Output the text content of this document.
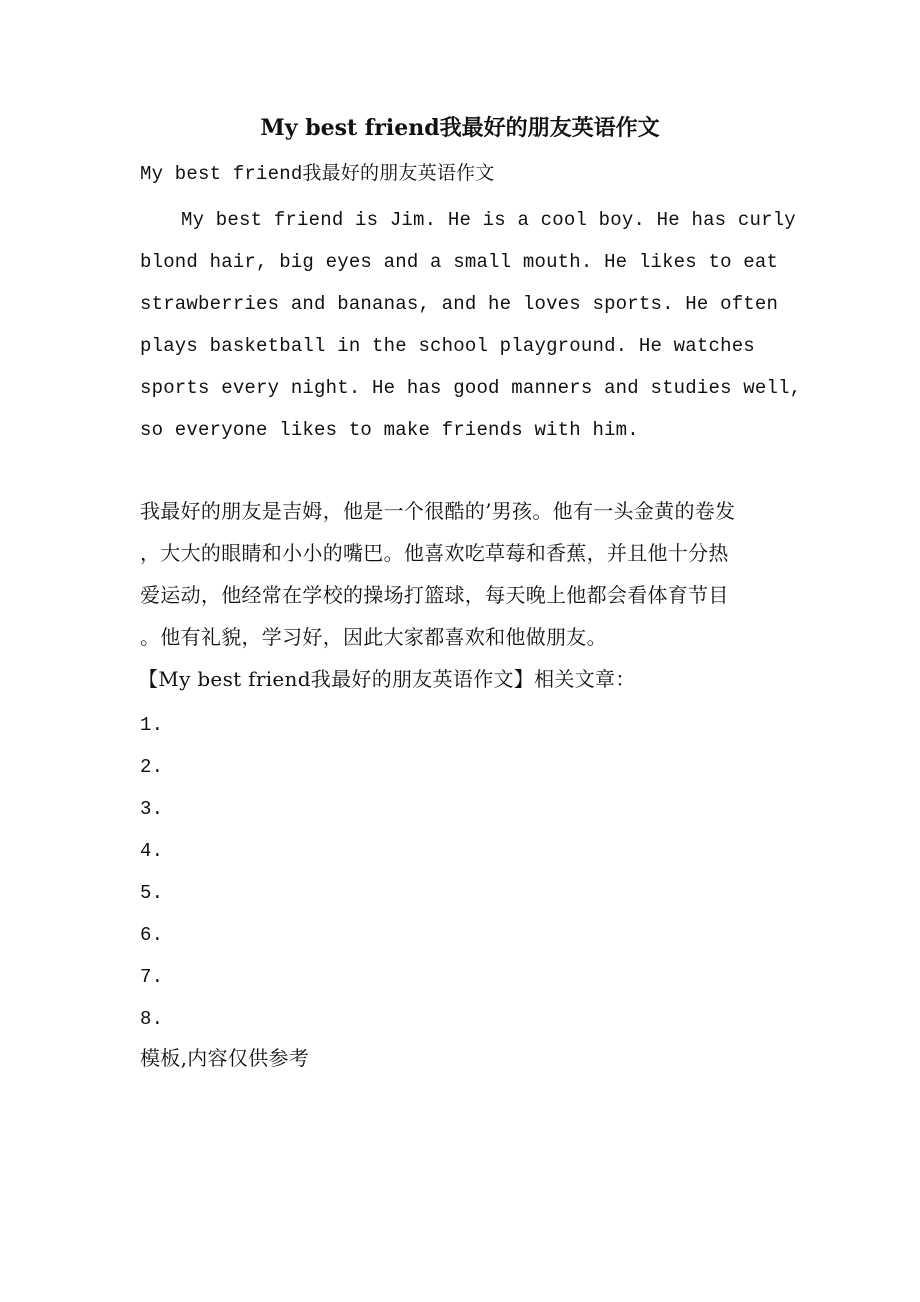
My best friend我最好的朋友英语作文
My best friend我最好的朋友英语作文
My best friend is Jim. He is a cool boy. He has curly
blond hair, big eyes and a small mouth. He likes to eat
strawberries and bananas, and he loves sports. He often
plays basketball in the school playground. He watches
sports every night. He has good manners and studies well,
so everyone likes to make friends with him.
我最好的朋友是吉姆，他是一个很酷的’男孩。他有一头金黄的卷发
，大大的眼睛和小小的嘴巴。他喜欢吃草莓和香蕉，并且他十分热
爱运动，他经常在学校的操场打篮球，每天晚上他都会看体育节目
。他有礼貌，学习好，因此大家都喜欢和他做朋友。
【My best friend我最好的朋友英语作文】相关文章：
1.
2.
3.
4.
5.
6.
7.
8.
模板,内容仅供参考
